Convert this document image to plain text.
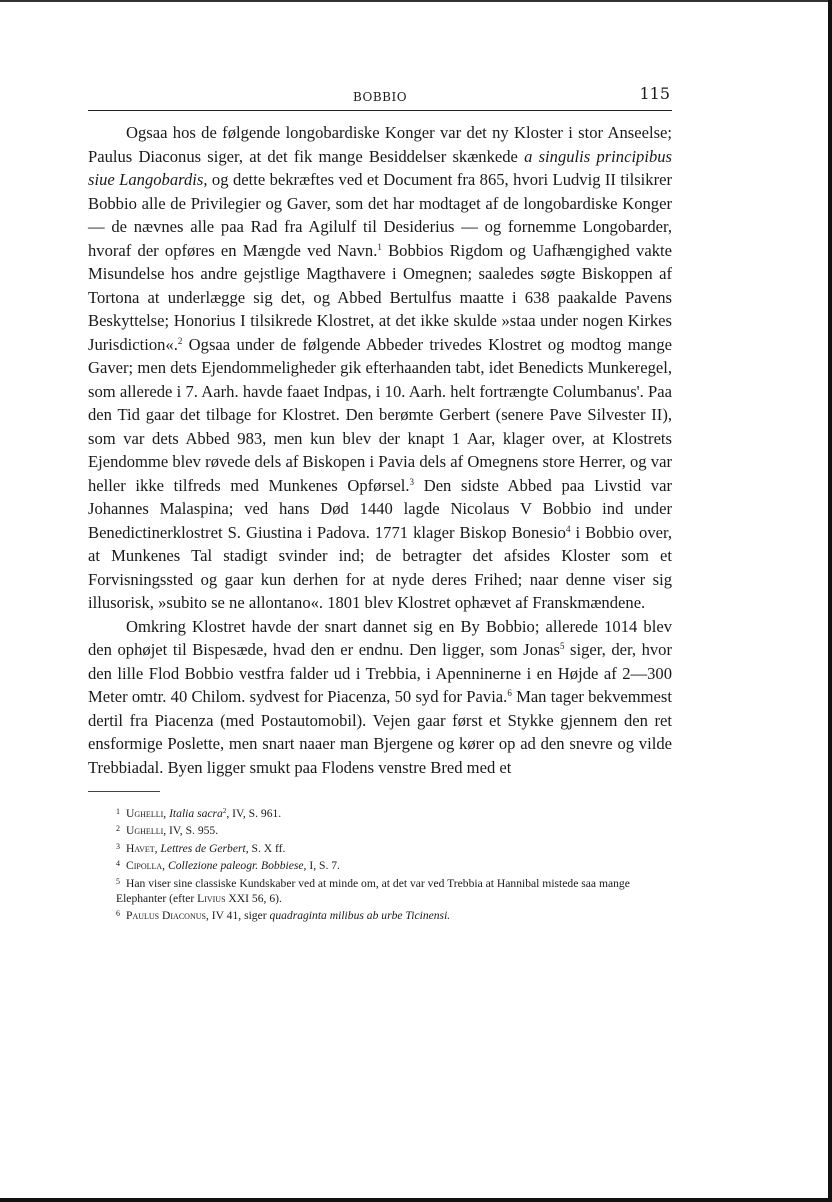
BOBBIO	115

Ogsaa hos de følgende longobardiske Konger var det ny Kloster i stor Anseelse; Paulus Diaconus siger, at det fik mange Besiddelser skænkede a singulis principibus siue Langobardis, og dette bekræftes ved et Document fra 865, hvori Ludvig II tilsikrer Bobbio alle de Privilegier og Gaver, som det har modtaget af de longobardiske Konger — de nævnes alle paa Rad fra Agilulf til Desiderius — og fornemme Longobarder, hvoraf der opføres en Mængde ved Navn.$^1$ Bobbios Rigdom og Uafhængighed vakte Misundelse hos andre gejstlige Magthavere i Omegnen; saaledes søgte Biskoppen af Tortona at underlægge sig det, og Abbed Bertulfus maatte i 638 paakalde Pavens Beskyttelse; Honorius I tilsikrede Klostret, at det ikke skulde »staa under nogen Kirkes Jurisdiction«.$^2$ Ogsaa under de følgende Abbeder trivedes Klostret og modtog mange Gaver; men dets Ejendommeligheder gik efterhaanden tabt, idet Benedicts Munkeregel, som allerede i 7. Aarh. havde faaet Indpas, i 10. Aarh. helt fortrængte Columbanus'. Paa den Tid gaar det tilbage for Klostret. Den berømte Gerbert (senere Pave Silvester II), som var dets Abbed 983, men kun blev der knapt 1 Aar, klager over, at Klostrets Ejendomme blev røvede dels af Biskopen i Pavia dels af Omegnens store Herrer, og var heller ikke tilfreds med Munkenes Opførsel.$^3$ Den sidste Abbed paa Livstid var Johannes Malaspina; ved hans Død 1440 lagde Nicolaus V Bobbio ind under Benedictinerklostret S. Giustina i Padova. 1771 klager Biskop Bonesio$^4$ i Bobbio over, at Munkenes Tal stadigt svinder ind; de betragter det afsides Kloster som et Forvisningssted og gaar kun derhen for at nyde deres Frihed; naar denne viser sig illusorisk, »subito se ne allontano«. 1801 blev Klostret ophævet af Franskmændene.

Omkring Klostret havde der snart dannet sig en By Bobbio; allerede 1014 blev den ophøjet til Bispesæde, hvad den er endnu. Den ligger, som Jonas$^5$ siger, der, hvor den lille Flod Bobbio vestfra falder ud i Trebbia, i Apenninerne i en Højde af 2—300 Meter omtr. 40 Chilom. sydvest for Piacenza, 50 syd for Pavia.$^6$ Man tager bekvemmest dertil fra Piacenza (med Postautomobil). Vejen gaar først et Stykke gjennem den ret ensformige Poslette, men snart naaer man Bjergene og kører op ad den snevre og vilde Trebbiadal. Byen ligger smukt paa Flodens venstre Bred med et

1 Ughelli, Italia sacra$^2$, IV, S. 961.
2 Ughelli, IV, S. 955.
3 Havet, Lettres de Gerbert, S. X ff.
4 Cipolla, Collezione paleogr. Bobbiese, I, S. 7.
5 Han viser sine classiske Kundskaber ved at minde om, at det var ved Trebbia at Hannibal mistede saa mange Elephanter (efter Livius XXI 56, 6).
6 Paulus Diaconus, IV 41, siger quadraginta milibus ab urbe Ticinensi.
